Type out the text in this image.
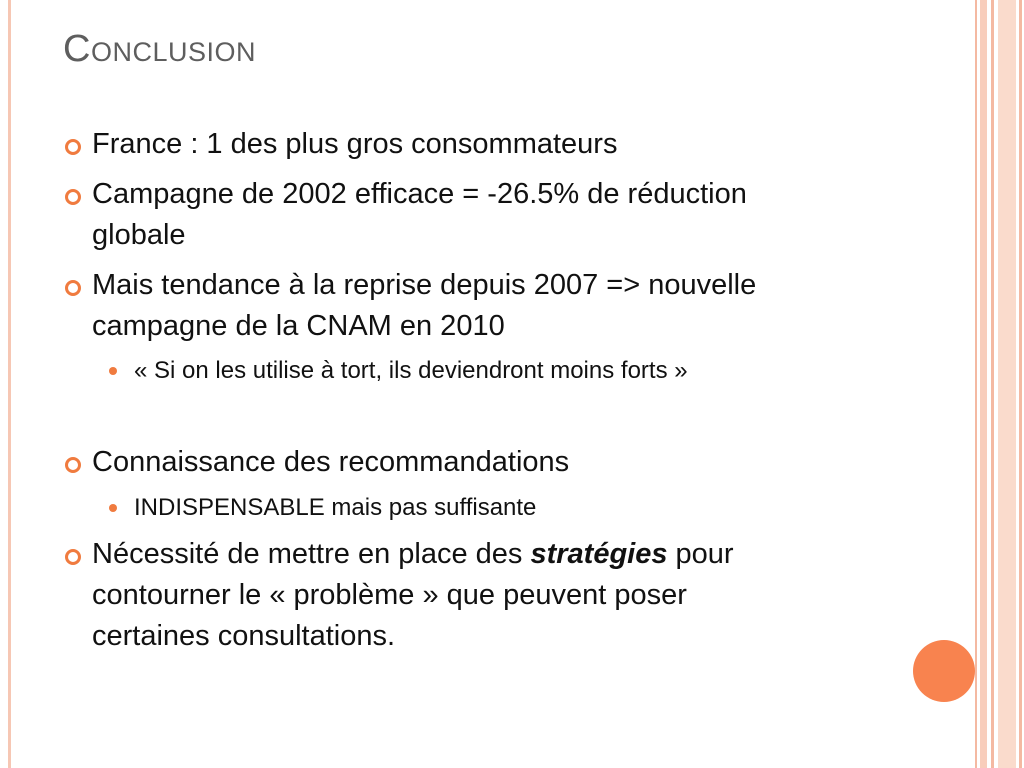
Conclusion
France : 1 des plus gros consommateurs
Campagne de 2002 efficace = -26.5% de réduction
globale
Mais tendance à la reprise depuis 2007 => nouvelle
campagne de la CNAM en 2010
« Si on les utilise à tort, ils deviendront moins forts »
Connaissance des recommandations
INDISPENSABLE mais pas suffisante
Nécessité de mettre en place des stratégies pour
contourner le « problème » que peuvent poser
certaines consultations.
